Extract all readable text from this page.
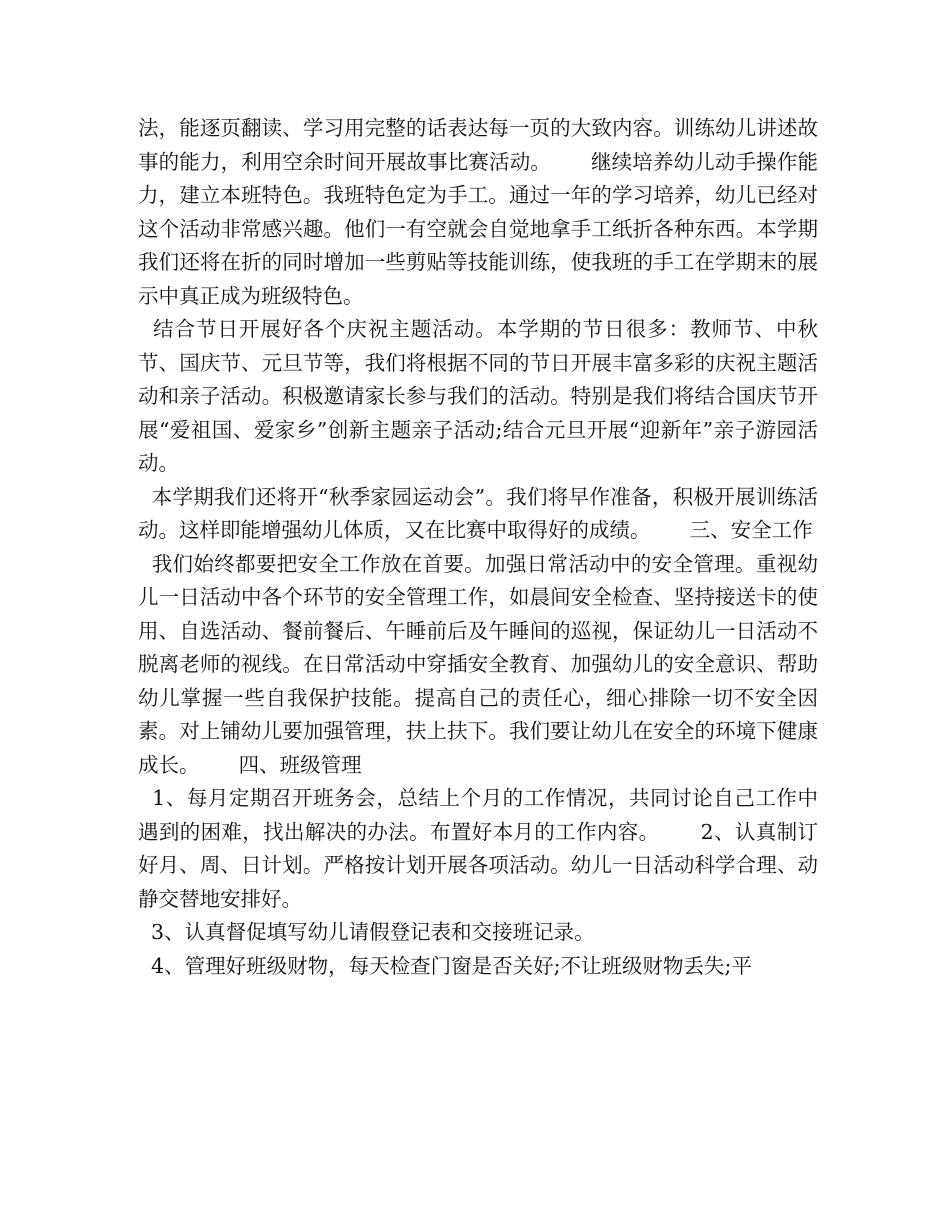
法，能逐页翻读、学习用完整的话表达每一页的大致内容。训练幼儿讲述故事的能力，利用空余时间开展故事比赛活动。      继续培养幼儿动手操作能力，建立本班特色。我班特色定为手工。通过一年的学习培养，幼儿已经对这个活动非常感兴趣。他们一有空就会自觉地拿手工纸折各种东西。本学期我们还将在折的同时增加一些剪贴等技能训练，使我班的手工在学期末的展示中真正成为班级特色。

结合节日开展好各个庆祝主题活动。本学期的节日很多：教师节、中秋节、国庆节、元旦节等，我们将根据不同的节日开展丰富多彩的庆祝主题活动和亲子活动。积极邀请家长参与我们的活动。特别是我们将结合国庆节开展“爱祖国、爱家乡”创新主题亲子活动;结合元旦开展“迎新年”亲子游园活动。

本学期我们还将开“秋季家园运动会”。我们将早作准备，积极开展训练活动。这样即能增强幼儿体质，又在比赛中取得好的成绩。      三、安全工作

我们始终都要把安全工作放在首要。加强日常活动中的安全管理。重视幼儿一日活动中各个环节的安全管理工作，如晨间安全检查、坚持接送卡的使用、自选活动、餐前餐后、午睡前后及午睡间的巡视，保证幼儿一日活动不脱离老师的视线。在日常活动中穿插安全教育、加强幼儿的安全意识、帮助幼儿掌握一些自我保护技能。提高自己的责任心，细心排除一切不安全因素。对上铺幼儿要加强管理，扶上扶下。我们要让幼儿在安全的环境下健康成长。      四、班级管理

1、每月定期召开班务会，总结上个月的工作情况，共同讨论自己工作中遇到的困难，找出解决的办法。布置好本月的工作内容。      2、认真制订好月、周、日计划。严格按计划开展各项活动。幼儿一日活动科学合理、动静交替地安排好。

3、认真督促填写幼儿请假登记表和交接班记录。

4、管理好班级财物，每天检查门窗是否关好;不让班级财物丢失;平
